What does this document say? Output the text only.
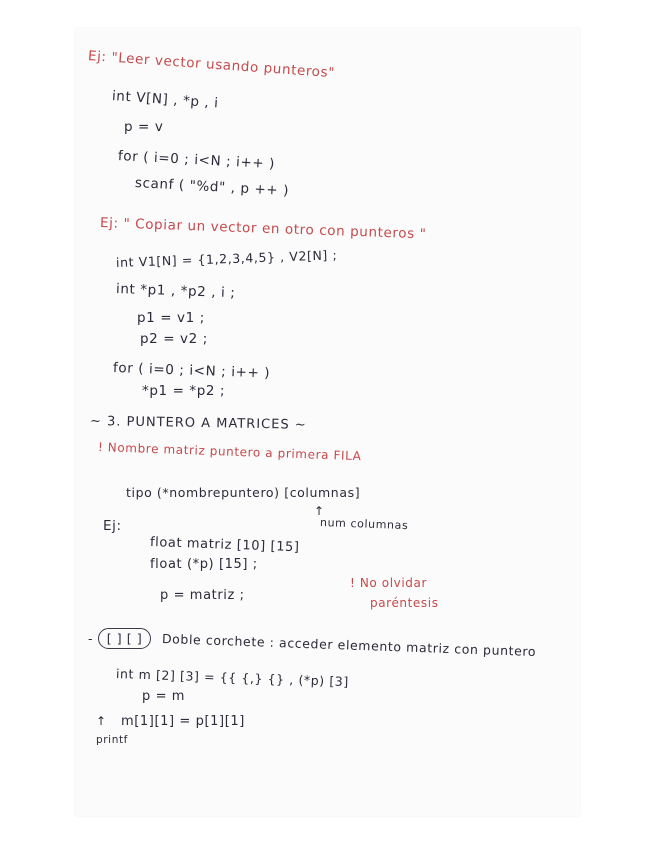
Ej: "Leer vector usando punteros"
int V[N] , *p , i
p = v
for ( i=0 ; i<N ; i++ )
scanf ( "%d" , p ++ )
Ej: " Copiar un vector en otro con punteros "
int V1[N] = {1,2,3,4,5} , V2[N] ;
int *p1 , *p2 , i ;
p1 = v1 ;
p2 = v2 ;
for ( i=0 ; i<N ; i++ )
*p1 = *p2 ;
~ 3. PUNTERO A MATRICES ~
! Nombre matriz puntero a primera FILA
tipo (*nombrepuntero) [columnas]
↑
num columnas
Ej:
float matriz [10] [15]
float (*p) [15] ;
p = matriz ;
! No olvidar
paréntesis
- [ ] [ ] Doble corchete : acceder elemento matriz con puntero
int m [2] [3] = {{ {,} {} , (*p) [3]
p = m
m[1][1] = p[1][1]
↑
printf
